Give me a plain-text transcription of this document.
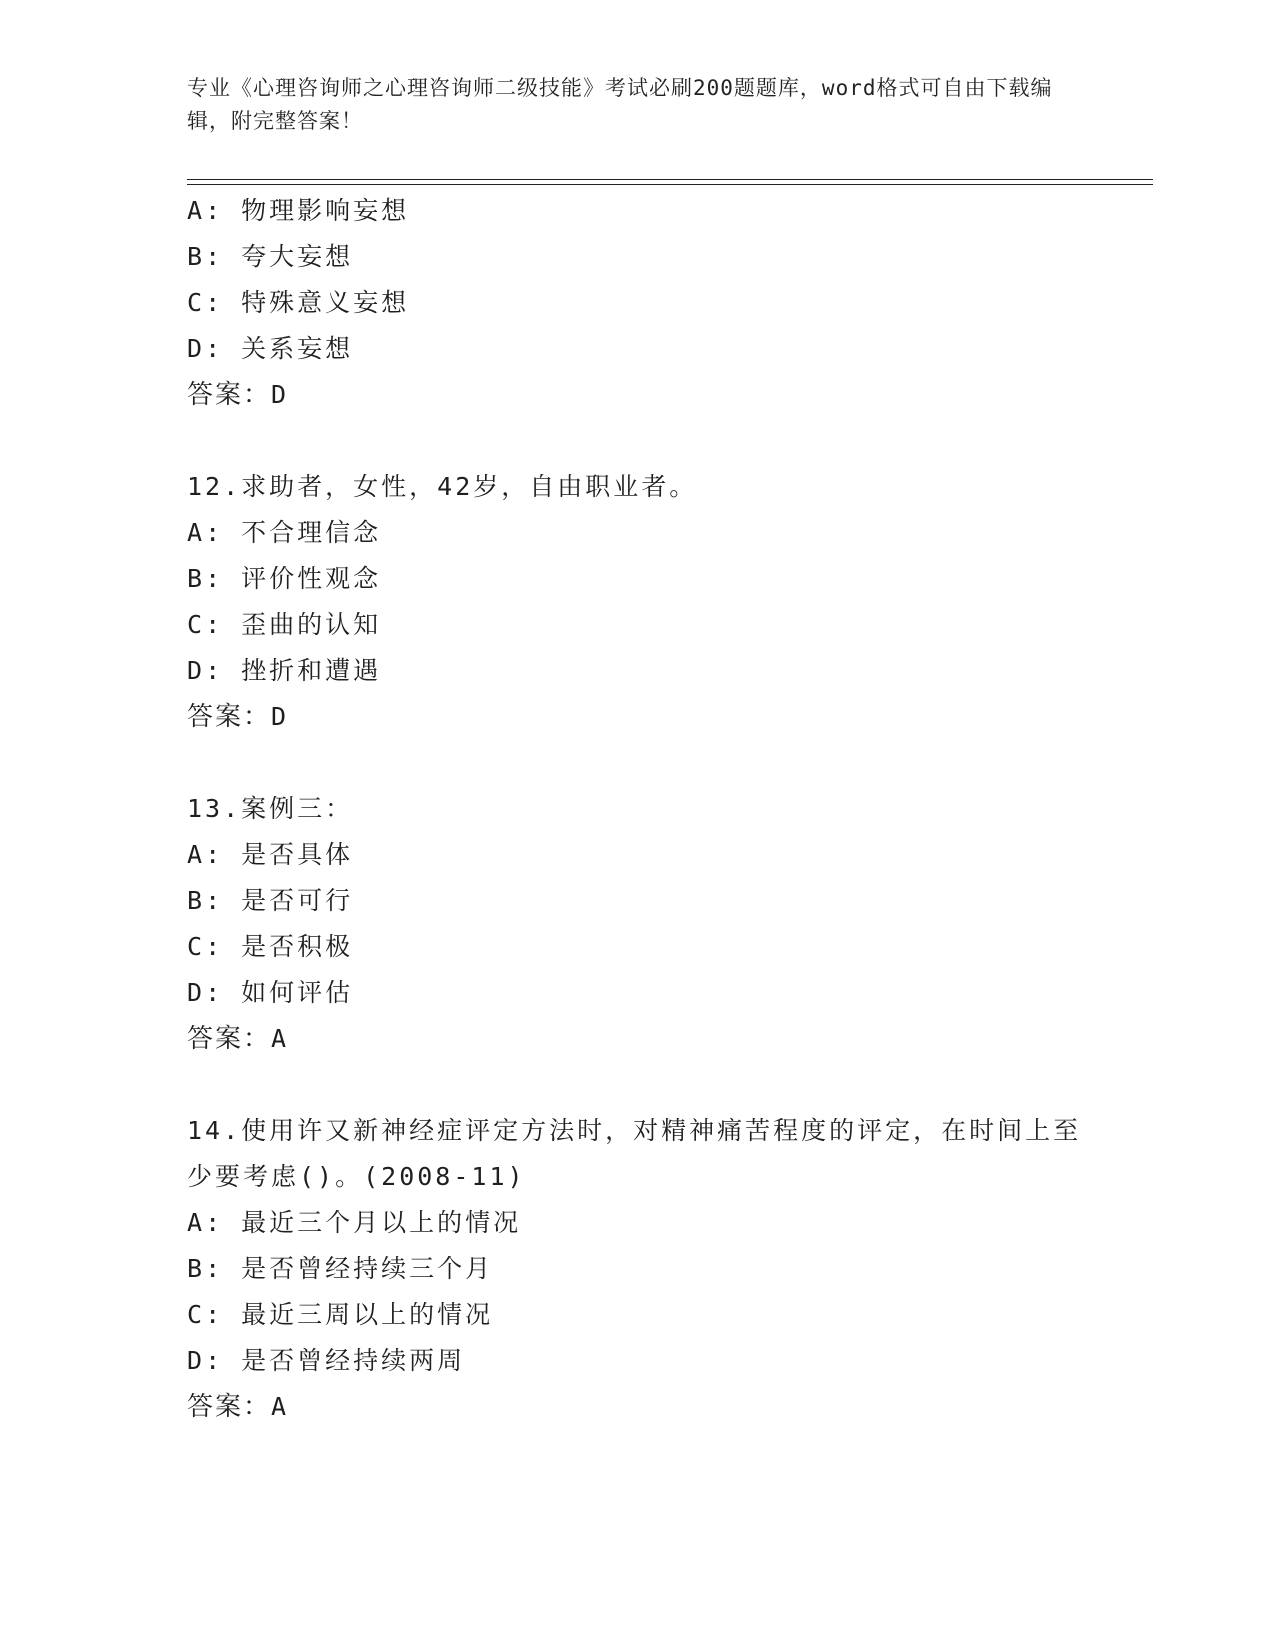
专业《心理咨询师之心理咨询师二级技能》考试必刷200题题库，word格式可自由下载编辑，附完整答案！
A: 物理影响妄想
B: 夸大妄想
C: 特殊意义妄想
D: 关系妄想
答案：D
12.求助者，女性，42岁，自由职业者。
A: 不合理信念
B: 评价性观念
C: 歪曲的认知
D: 挫折和遭遇
答案：D
13.案例三：
A: 是否具体
B: 是否可行
C: 是否积极
D: 如何评估
答案：A
14.使用许又新神经症评定方法时，对精神痛苦程度的评定，在时间上至少要考虑()。(2008-11)
A: 最近三个月以上的情况
B: 是否曾经持续三个月
C: 最近三周以上的情况
D: 是否曾经持续两周
答案：A
